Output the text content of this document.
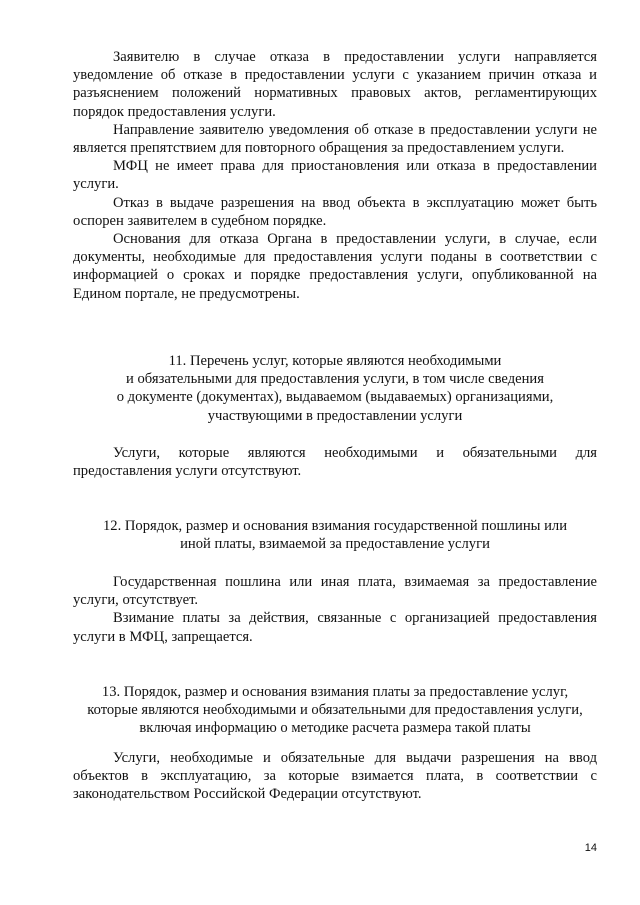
Заявителю в случае отказа в предоставлении услуги направляется уведомление об отказе в предоставлении услуги с указанием причин отказа и разъяснением положений нормативных правовых актов, регламентирующих порядок предоставления услуги.

Направление заявителю уведомления об отказе в предоставлении услуги не является препятствием для повторного обращения за предоставлением услуги.

МФЦ не имеет права для приостановления или отказа в предоставлении услуги.

Отказ в выдаче разрешения на ввод объекта в эксплуатацию может быть оспорен заявителем в судебном порядке.

Основания для отказа Органа в предоставлении услуги, в случае, если документы, необходимые для предоставления услуги поданы в соответствии с информацией о сроках и порядке предоставления услуги, опубликованной на Едином портале, не предусмотрены.

11. Перечень услуг, которые являются необходимыми
и обязательными для предоставления услуги, в том числе сведения
о документе (документах), выдаваемом (выдаваемых) организациями,
участвующими в предоставлении услуги

Услуги, которые являются необходимыми и обязательными для предоставления услуги отсутствуют.

12. Порядок, размер и основания взимания государственной пошлины или
иной платы, взимаемой за предоставление услуги

Государственная пошлина или иная плата, взимаемая за предоставление услуги, отсутствует.

Взимание платы за действия, связанные с организацией предоставления услуги в МФЦ, запрещается.

13. Порядок, размер и основания взимания платы за предоставление услуг,
которые являются необходимыми и обязательными для предоставления услуги,
включая информацию о методике расчета размера такой платы

Услуги, необходимые и обязательные для выдачи разрешения на ввод объектов в эксплуатацию, за которые взимается плата, в соответствии с законодательством Российской Федерации отсутствуют.

14
